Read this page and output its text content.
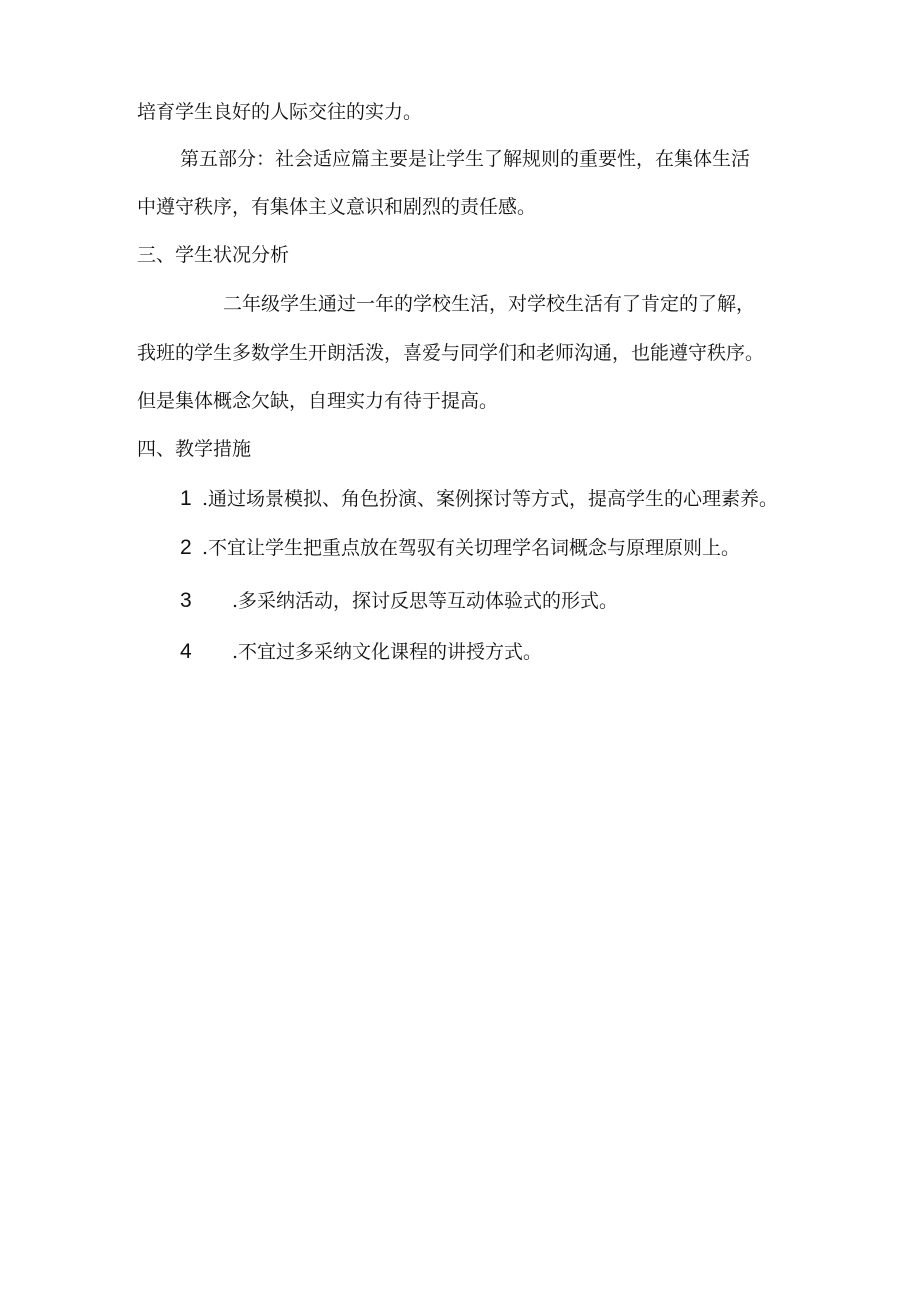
培育学生良好的人际交往的实力。
第五部分：社会适应篇主要是让学生了解规则的重要性，在集体生活
中遵守秩序，有集体主义意识和剧烈的责任感。
三、学生状况分析
二年级学生通过一年的学校生活，对学校生活有了肯定的了解，
我班的学生多数学生开朗活泼，喜爱与同学们和老师沟通，也能遵守秩序。
但是集体概念欠缺，自理实力有待于提高。
四、教学措施
1 .通过场景模拟、角色扮演、案例探讨等方式，提高学生的心理素养。
2 .不宜让学生把重点放在驾驭有关切理学名词概念与原理原则上。
3	.多采纳活动，探讨反思等互动体验式的形式。
4	.不宜过多采纳文化课程的讲授方式。
